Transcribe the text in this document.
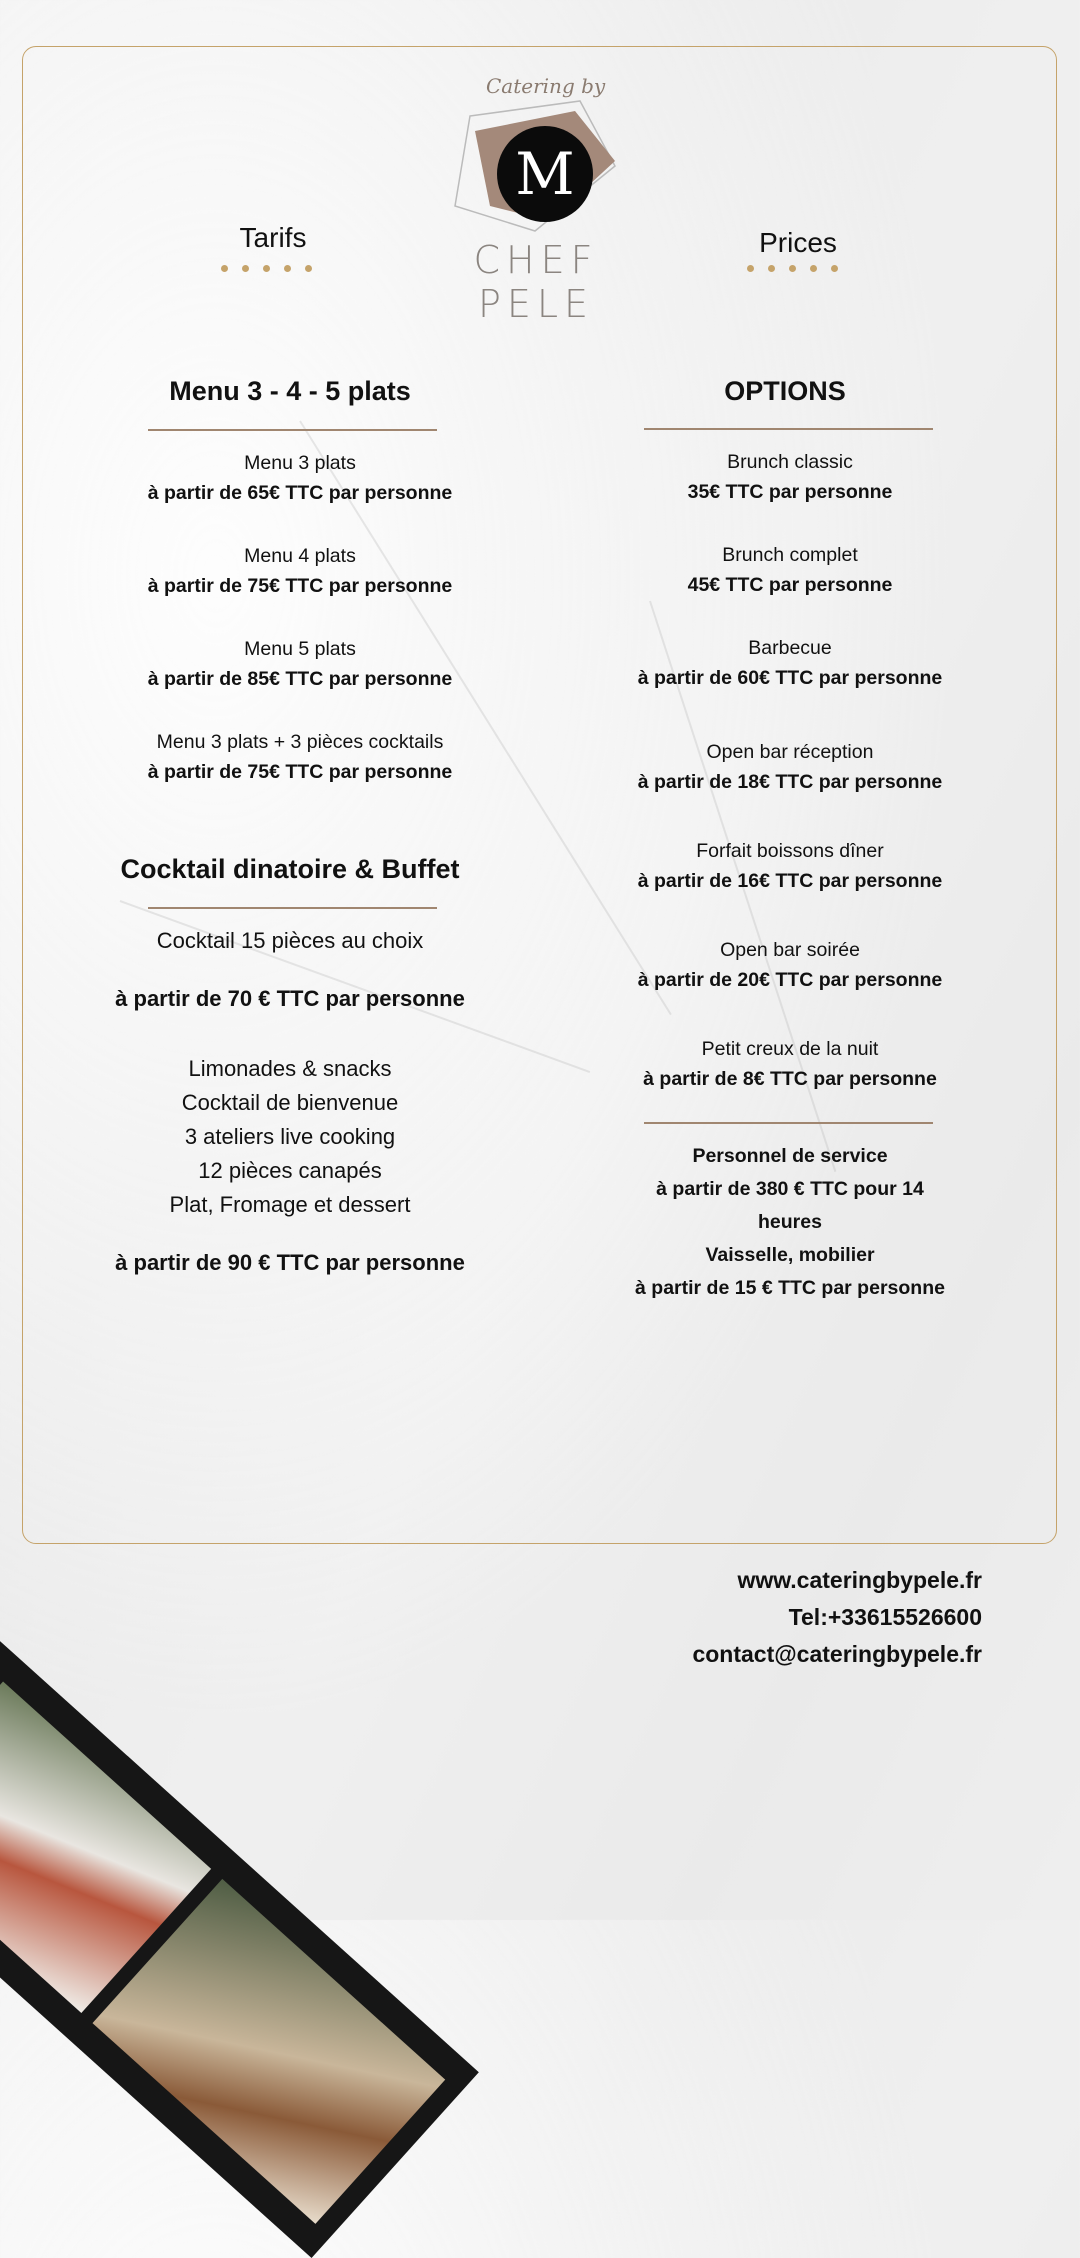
Catering by
M
CHEF PELE
Tarifs	Prices
Menu 3 - 4 - 5 plats
Menu 3 plats
à partir de 65€ TTC par personne
Menu 4 plats
à partir de 75€ TTC par personne
Menu 5 plats
à partir de 85€ TTC par personne
Menu 3 plats + 3 pièces cocktails
à partir de 75€ TTC par personne
Cocktail dinatoire & Buffet
Cocktail 15 pièces au choix
à partir de 70 € TTC par personne
Limonades & snacks
Cocktail de bienvenue
3 ateliers live cooking
12 pièces canapés
Plat, Fromage et dessert
à partir de 90 € TTC par personne
OPTIONS
Brunch classic
35€ TTC par personne
Brunch complet
45€ TTC par personne
Barbecue
à partir de 60€ TTC par personne
Open bar réception
à partir de 18€ TTC par personne
Forfait boissons dîner
à partir de 16€ TTC par personne
Open bar soirée
à partir de 20€ TTC par personne
Petit creux de la nuit
à partir de 8€ TTC par personne
Personnel de service
à partir de 380 € TTC pour 14
heures
Vaisselle, mobilier
à partir de 15 € TTC par personne
www.cateringbypele.fr
Tel:+33615526600
contact@cateringbypele.fr
